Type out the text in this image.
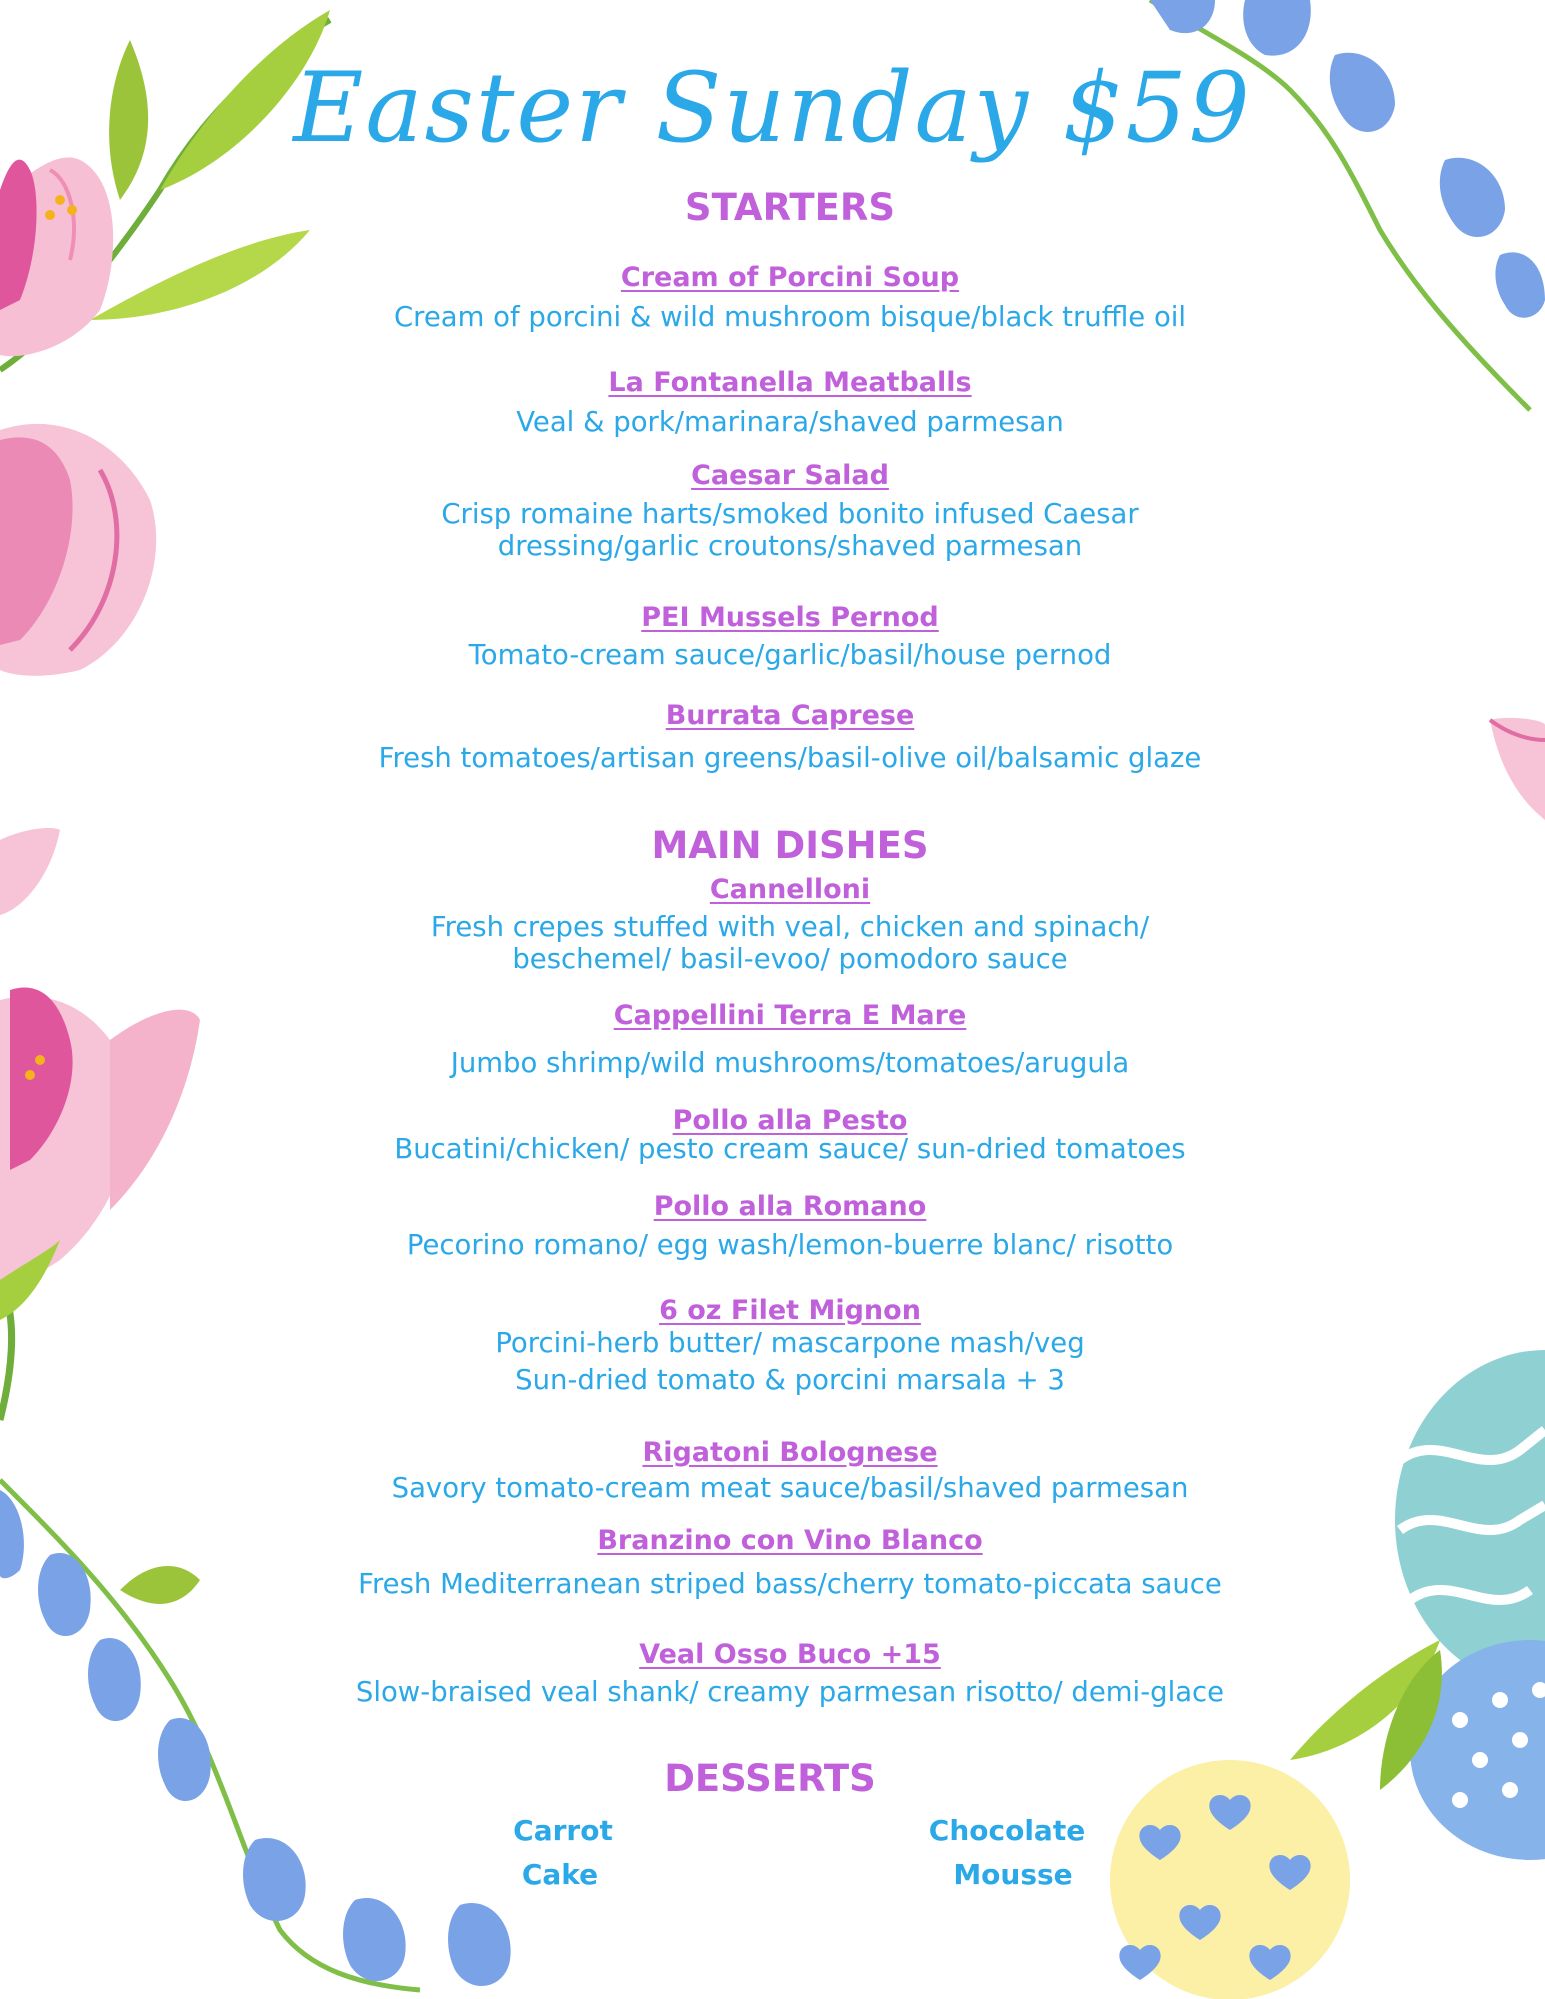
Easter Sunday $59
STARTERS
Cream of Porcini Soup
Cream of porcini & wild mushroom bisque/black truffle oil
La Fontanella Meatballs
Veal & pork/marinara/shaved parmesan
Caesar Salad
Crisp romaine harts/smoked bonito infused Caesar
dressing/garlic croutons/shaved parmesan
PEI Mussels Pernod
Tomato-cream sauce/garlic/basil/house pernod
Burrata Caprese
Fresh tomatoes/artisan greens/basil-olive oil/balsamic glaze
MAIN DISHES
Cannelloni
Fresh crepes stuffed with veal, chicken and spinach/
beschemel/ basil-evoo/ pomodoro sauce
Cappellini Terra E Mare
Jumbo shrimp/wild mushrooms/tomatoes/arugula
Pollo alla Pesto
Bucatini/chicken/ pesto cream sauce/ sun-dried tomatoes
Pollo alla Romano
Pecorino romano/ egg wash/lemon-buerre blanc/ risotto
6 oz Filet Mignon
Porcini-herb butter/ mascarpone mash/veg
Sun-dried tomato & porcini marsala + 3
Rigatoni Bolognese
Savory tomato-cream meat sauce/basil/shaved parmesan
Branzino con Vino Blanco
Fresh Mediterranean striped bass/cherry tomato-piccata sauce
Veal Osso Buco +15
Slow-braised veal shank/ creamy parmesan risotto/ demi-glace
DESSERTS
Carrot
Cake
Chocolate
Mousse
